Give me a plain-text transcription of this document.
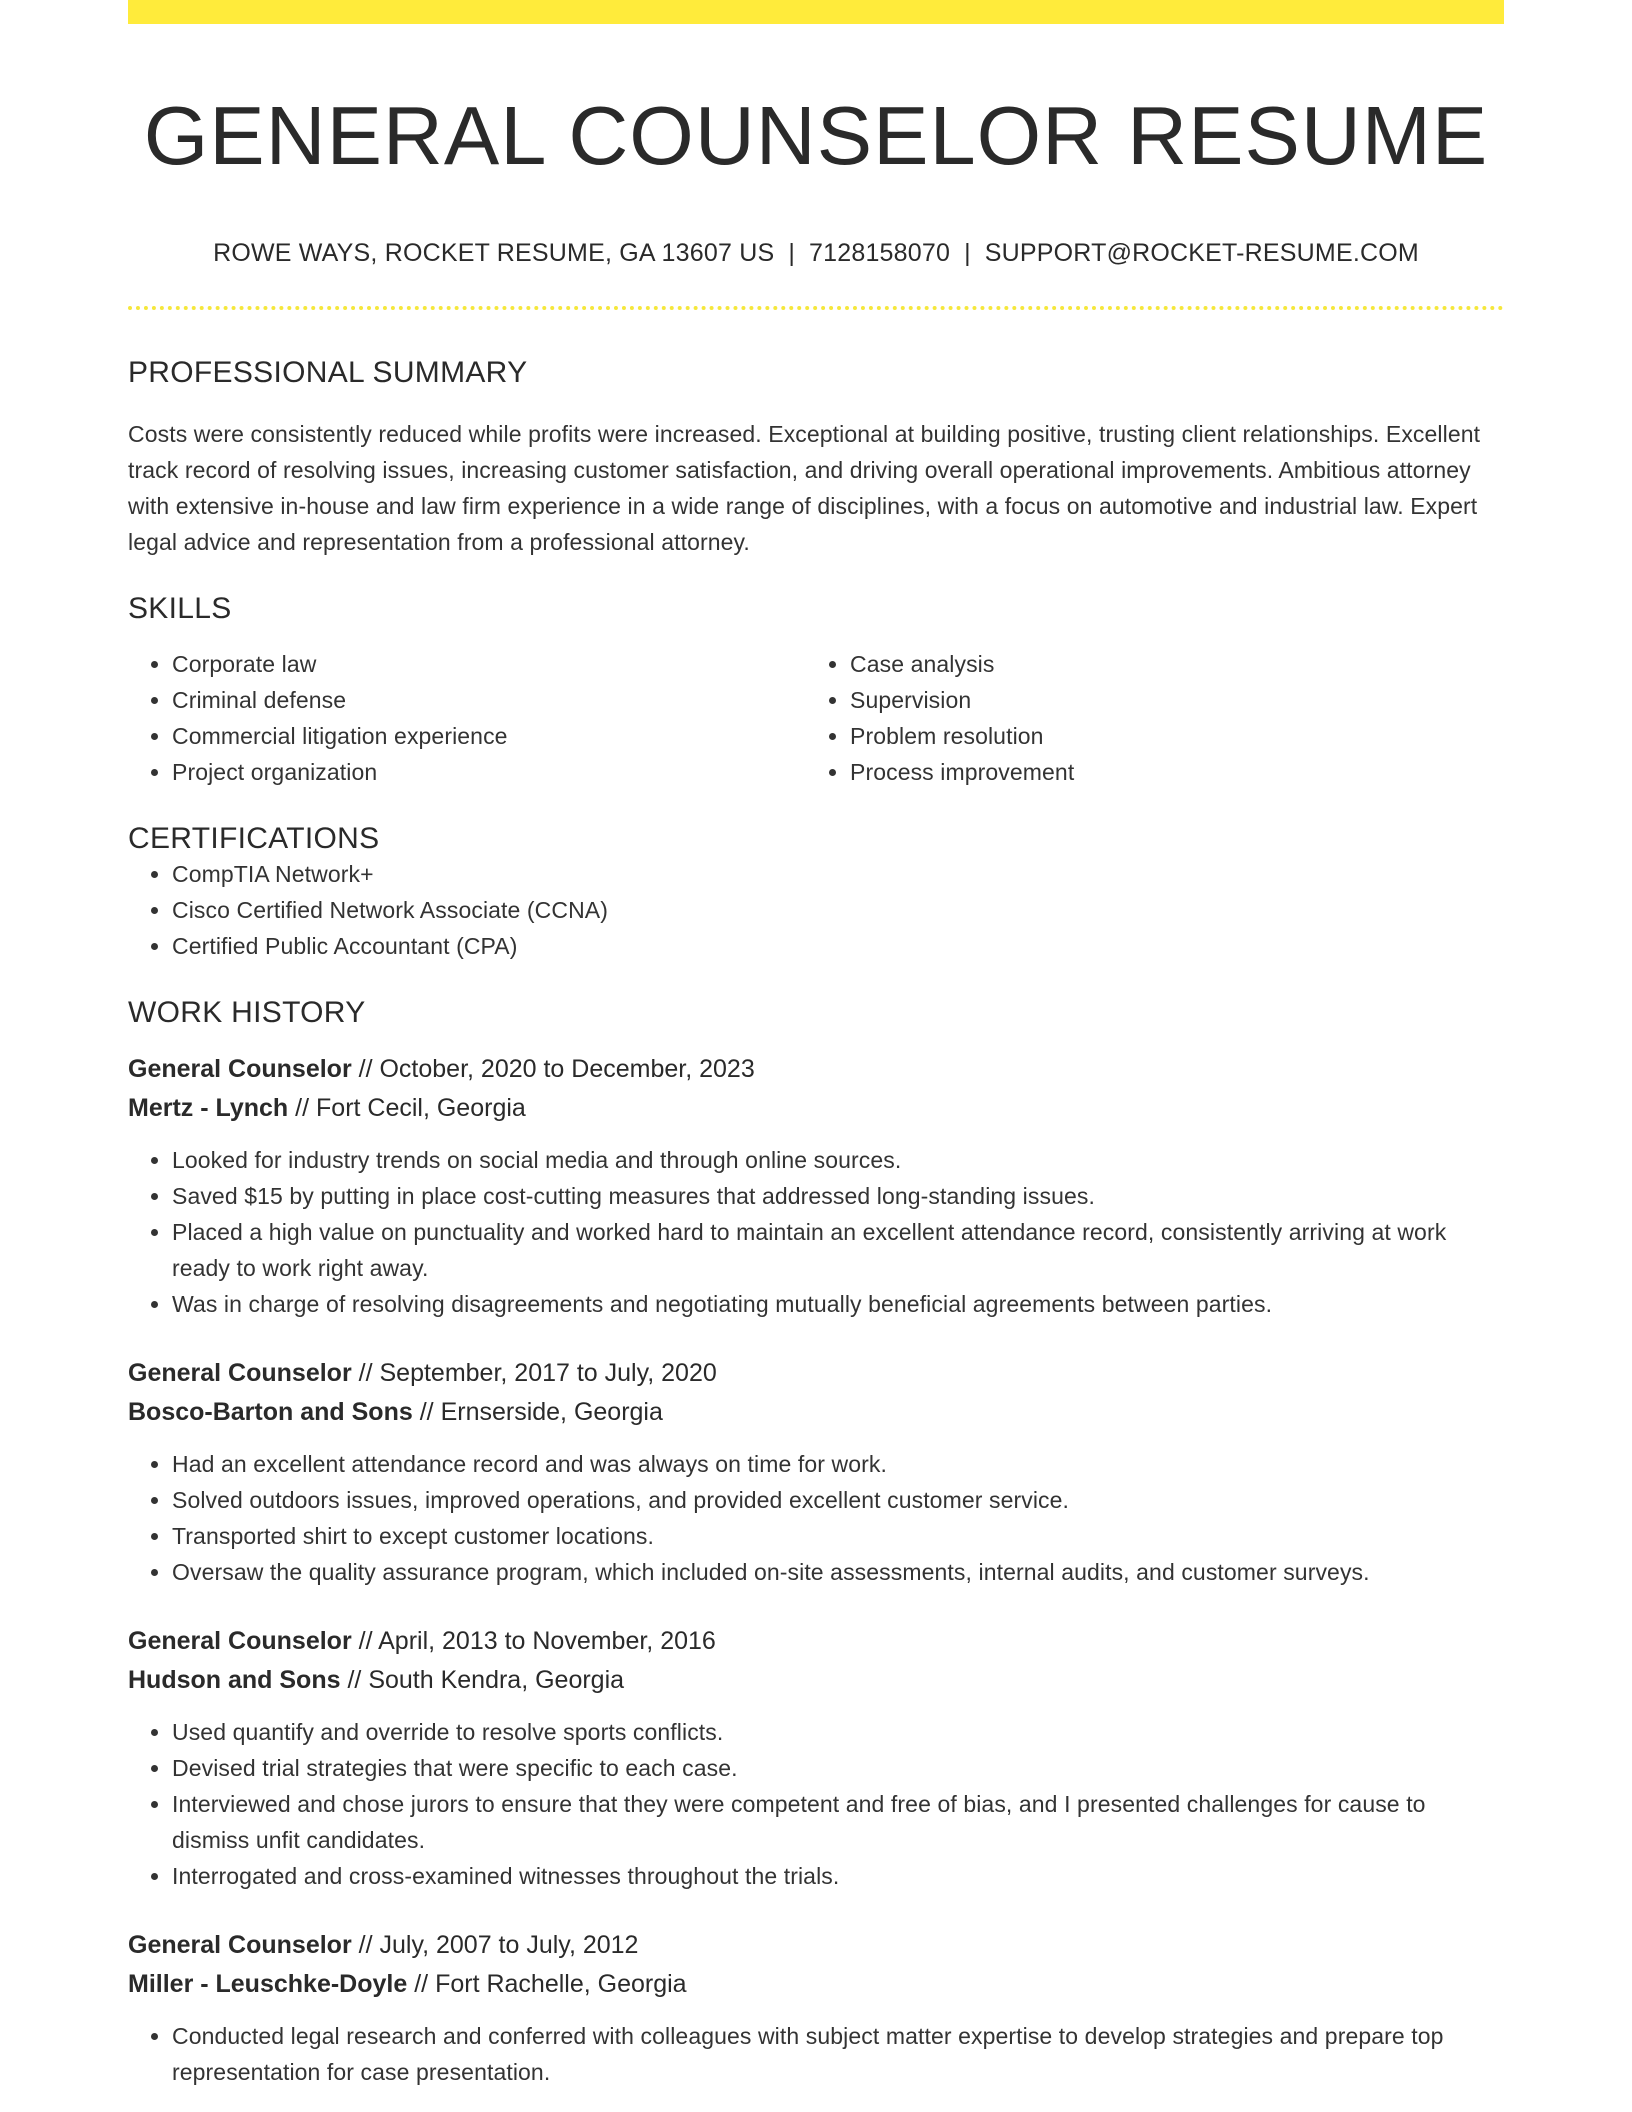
GENERAL COUNSELOR RESUME
ROWE WAYS, ROCKET RESUME, GA 13607 US | 7128158070 | SUPPORT@ROCKET-RESUME.COM
PROFESSIONAL SUMMARY

Costs were consistently reduced while profits were increased. Exceptional at building positive, trusting client relationships. Excellent track record of resolving issues, increasing customer satisfaction, and driving overall operational improvements. Ambitious attorney with extensive in-house and law firm experience in a wide range of disciplines, with a focus on automotive and industrial law. Expert legal advice and representation from a professional attorney.

SKILLS
• Corporate law
• Criminal defense
• Commercial litigation experience
• Project organization
• Case analysis
• Supervision
• Problem resolution
• Process improvement
CERTIFICATIONS
• CompTIA Network+
• Cisco Certified Network Associate (CCNA)
• Certified Public Accountant (CPA)
WORK HISTORY
General Counselor // October, 2020 to December, 2023
Mertz - Lynch // Fort Cecil, Georgia
• Looked for industry trends on social media and through online sources.
• Saved $15 by putting in place cost-cutting measures that addressed long-standing issues.
• Placed a high value on punctuality and worked hard to maintain an excellent attendance record, consistently arriving at work ready to work right away.
• Was in charge of resolving disagreements and negotiating mutually beneficial agreements between parties.
General Counselor // September, 2017 to July, 2020
Bosco-Barton and Sons // Ernserside, Georgia
• Had an excellent attendance record and was always on time for work.
• Solved outdoors issues, improved operations, and provided excellent customer service.
• Transported shirt to except customer locations.
• Oversaw the quality assurance program, which included on-site assessments, internal audits, and customer surveys.
General Counselor // April, 2013 to November, 2016
Hudson and Sons // South Kendra, Georgia
• Used quantify and override to resolve sports conflicts.
• Devised trial strategies that were specific to each case.
• Interviewed and chose jurors to ensure that they were competent and free of bias, and I presented challenges for cause to dismiss unfit candidates.
• Interrogated and cross-examined witnesses throughout the trials.
General Counselor // July, 2007 to July, 2012
Miller - Leuschke-Doyle // Fort Rachelle, Georgia
• Conducted legal research and conferred with colleagues with subject matter expertise to develop strategies and prepare top representation for case presentation.
